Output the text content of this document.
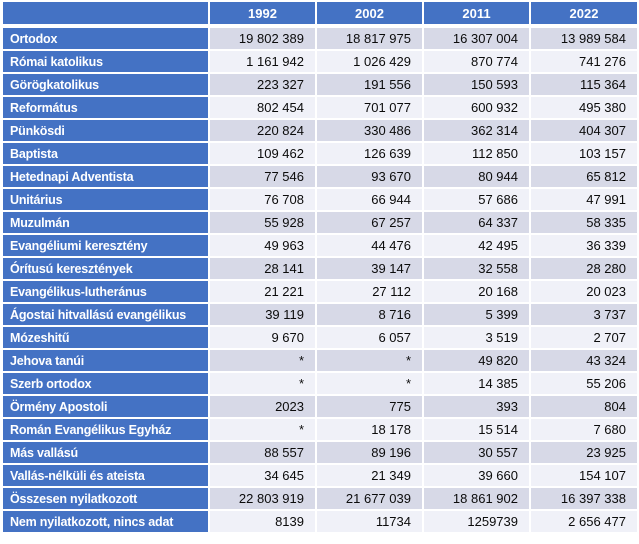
	1992	2002	2011	2022
Ortodox	19 802 389	18 817 975	16 307 004	13 989 584
Római katolikus	1 161 942	1 026 429	870 774	741 276
Görögkatolikus	223 327	191 556	150 593	115 364
Református	802 454	701 077	600 932	495 380
Pünkösdi	220 824	330 486	362 314	404 307
Baptista	109 462	126 639	112 850	103 157
Hetednapi Adventista	77 546	93 670	80 944	65 812
Unitárius	76 708	66 944	57 686	47 991
Muzulmán	55 928	67 257	64 337	58 335
Evangéliumi keresztény	49 963	44 476	42 495	36 339
Órítusú keresztények	28 141	39 147	32 558	28 280
Evangélikus-lutheránus	21 221	27 112	20 168	20 023
Ágostai hitvallású evangélikus	39 119	8 716	5 399	3 737
Mózeshitű	9 670	6 057	3 519	2 707
Jehova tanúi	*	*	49 820	43 324
Szerb ortodox	*	*	14 385	55 206
Örmény Apostoli	2023	775	393	804
Román Evangélikus Egyház	*	18 178	15 514	7 680
Más vallású	88 557	89 196	30 557	23 925
Vallás-nélküli és ateista	34 645	21 349	39 660	154 107
Összesen nyilatkozott	22 803 919	21 677 039	18 861 902	16 397 338
Nem nyilatkozott, nincs adat	8139	11734	1259739	2 656 477
